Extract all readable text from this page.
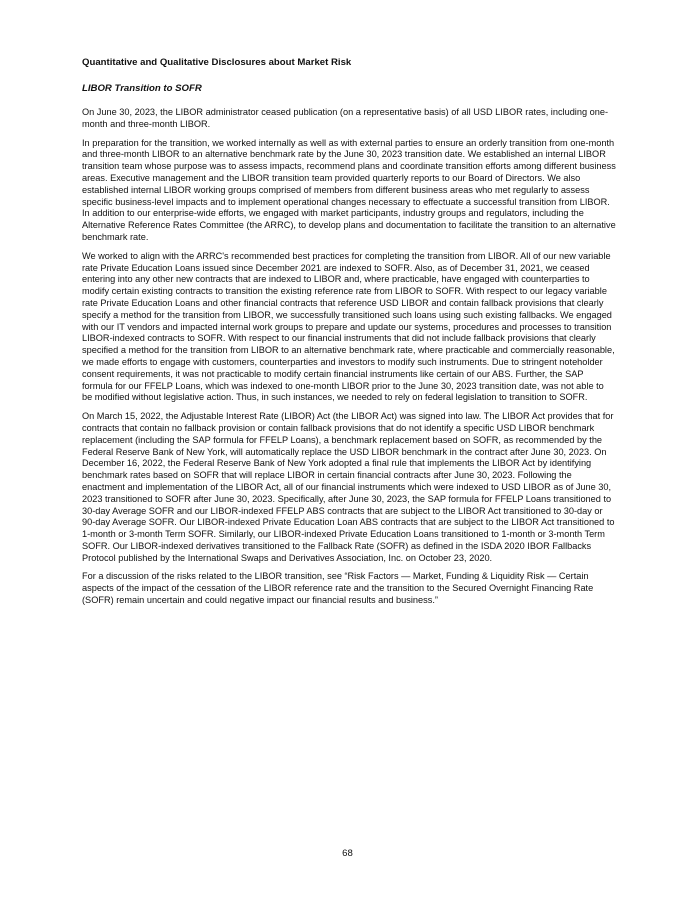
Quantitative and Qualitative Disclosures about Market Risk
LIBOR Transition to SOFR

On June 30, 2023, the LIBOR administrator ceased publication (on a representative basis) of all USD LIBOR rates, including one-month and three-month LIBOR.

In preparation for the transition, we worked internally as well as with external parties to ensure an orderly transition from one-month and three-month LIBOR to an alternative benchmark rate by the June 30, 2023 transition date. We established an internal LIBOR transition team whose purpose was to assess impacts, recommend plans and coordinate transition efforts among different business areas. Executive management and the LIBOR transition team provided quarterly reports to our Board of Directors. We also established internal LIBOR working groups comprised of members from different business areas who met regularly to assess specific business-level impacts and to implement operational changes necessary to effectuate a successful transition from LIBOR. In addition to our enterprise-wide efforts, we engaged with market participants, industry groups and regulators, including the Alternative Reference Rates Committee (the ARRC), to develop plans and documentation to facilitate the transition to an alternative benchmark rate.

We worked to align with the ARRC's recommended best practices for completing the transition from LIBOR. All of our new variable rate Private Education Loans issued since December 2021 are indexed to SOFR. Also, as of December 31, 2021, we ceased entering into any other new contracts that are indexed to LIBOR and, where practicable, have engaged with counterparties to modify certain existing contracts to transition the existing reference rate from LIBOR to SOFR. With respect to our legacy variable rate Private Education Loans and other financial contracts that reference USD LIBOR and contain fallback provisions that clearly specify a method for the transition from LIBOR, we successfully transitioned such loans using such existing fallbacks. We engaged with our IT vendors and impacted internal work groups to prepare and update our systems, procedures and processes to transition LIBOR-indexed contracts to SOFR. With respect to our financial instruments that did not include fallback provisions that clearly specified a method for the transition from LIBOR to an alternative benchmark rate, where practicable and commercially reasonable, we made efforts to engage with customers, counterparties and investors to modify such instruments. Due to stringent noteholder consent requirements, it was not practicable to modify certain financial instruments like certain of our ABS. Further, the SAP formula for our FFELP Loans, which was indexed to one-month LIBOR prior to the June 30, 2023 transition date, was not able to be modified without legislative action. Thus, in such instances, we needed to rely on federal legislation to transition to SOFR.

On March 15, 2022, the Adjustable Interest Rate (LIBOR) Act (the LIBOR Act) was signed into law. The LIBOR Act provides that for contracts that contain no fallback provision or contain fallback provisions that do not identify a specific USD LIBOR benchmark replacement (including the SAP formula for FFELP Loans), a benchmark replacement based on SOFR, as recommended by the Federal Reserve Bank of New York, will automatically replace the USD LIBOR benchmark in the contract after June 30, 2023. On December 16, 2022, the Federal Reserve Bank of New York adopted a final rule that implements the LIBOR Act by identifying benchmark rates based on SOFR that will replace LIBOR in certain financial contracts after June 30, 2023. Following the enactment and implementation of the LIBOR Act, all of our financial instruments which were indexed to USD LIBOR as of June 30, 2023 transitioned to SOFR after June 30, 2023. Specifically, after June 30, 2023, the SAP formula for FFELP Loans transitioned to 30-day Average SOFR and our LIBOR-indexed FFELP ABS contracts that are subject to the LIBOR Act transitioned to 30-day or 90-day Average SOFR. Our LIBOR-indexed Private Education Loan ABS contracts that are subject to the LIBOR Act transitioned to 1-month or 3-month Term SOFR. Similarly, our LIBOR-indexed Private Education Loans transitioned to 1-month or 3-month Term SOFR. Our LIBOR-indexed derivatives transitioned to the Fallback Rate (SOFR) as defined in the ISDA 2020 IBOR Fallbacks Protocol published by the International Swaps and Derivatives Association, Inc. on October 23, 2020.

For a discussion of the risks related to the LIBOR transition, see “Risk Factors — Market, Funding & Liquidity Risk — Certain aspects of the impact of the cessation of the LIBOR reference rate and the transition to the Secured Overnight Financing Rate (SOFR) remain uncertain and could negative impact our financial results and business.”

68
